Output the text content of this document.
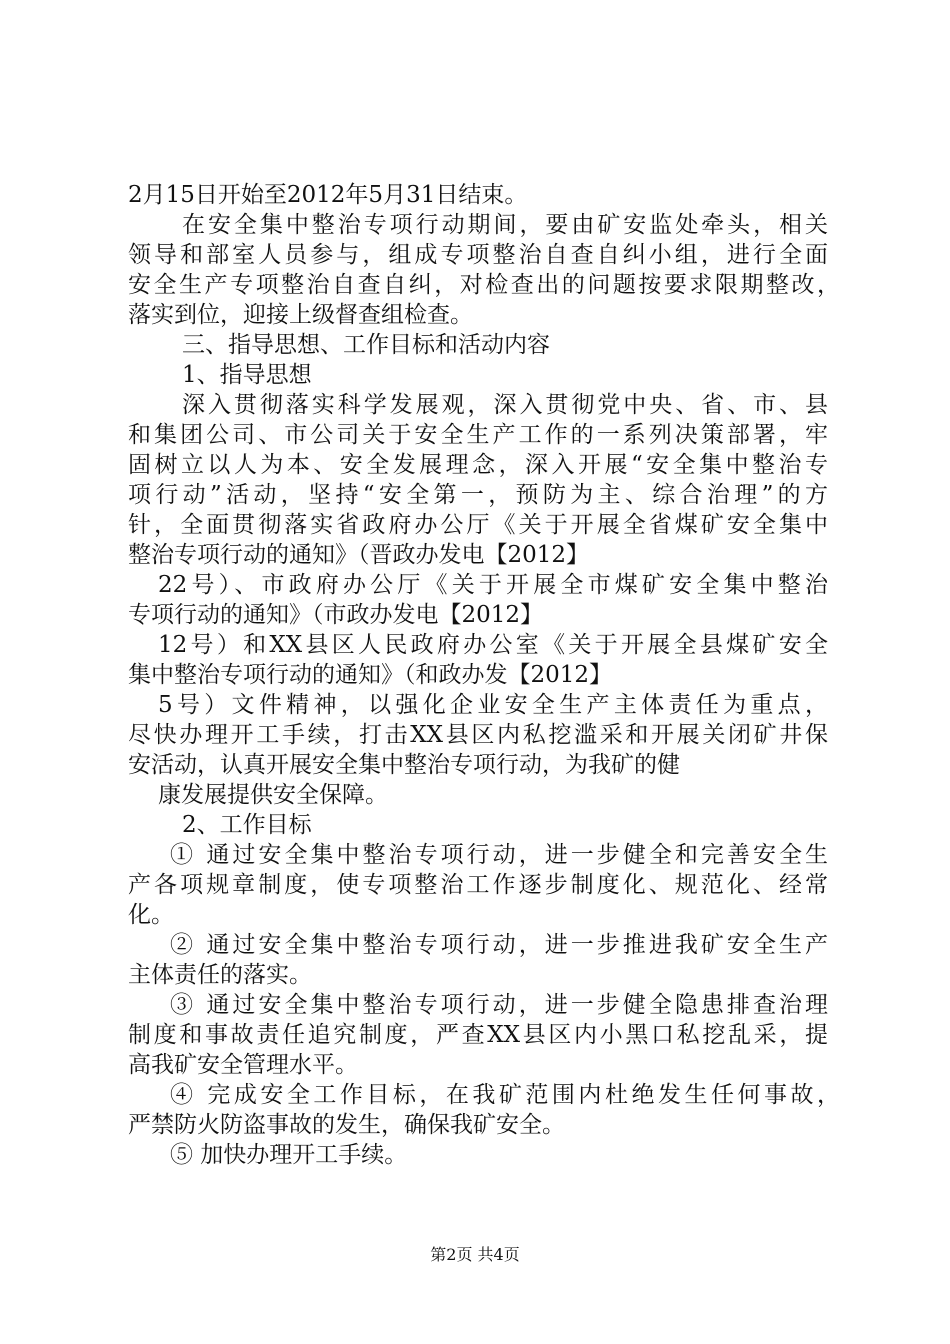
2月15日开始至2012年5月31日结束。
在安全集中整治专项行动期间，要由矿安监处牵头，相关
领导和部室人员参与，组成专项整治自查自纠小组，进行全面
安全生产专项整治自查自纠，对检查出的问题按要求限期整改，
落实到位，迎接上级督查组检查。
三、指导思想、工作目标和活动内容
1、指导思想
深入贯彻落实科学发展观，深入贯彻党中央、省、市、县
和集团公司、市公司关于安全生产工作的一系列决策部署，牢
固树立以人为本、安全发展理念，深入开展“安全集中整治专
项行动”活动，坚持“安全第一，预防为主、综合治理”的方
针，全面贯彻落实省政府办公厅《关于开展全省煤矿安全集中
整治专项行动的通知》（晋政办发电【2012】
22号）、市政府办公厅《关于开展全市煤矿安全集中整治
专项行动的通知》（市政办发电【2012】
12号）和XX县区人民政府办公室《关于开展全县煤矿安全
集中整治专项行动的通知》（和政办发【2012】
5号）文件精神，以强化企业安全生产主体责任为重点，
尽快办理开工手续，打击XX县区内私挖滥采和开展关闭矿井保
安活动，认真开展安全集中整治专项行动，为我矿的健
康发展提供安全保障。
2、工作目标
① 通过安全集中整治专项行动，进一步健全和完善安全生
产各项规章制度，使专项整治工作逐步制度化、规范化、经常
化。
② 通过安全集中整治专项行动，进一步推进我矿安全生产
主体责任的落实。
③ 通过安全集中整治专项行动，进一步健全隐患排查治理
制度和事故责任追究制度，严查XX县区内小黑口私挖乱采，提
高我矿安全管理水平。
④ 完成安全工作目标，在我矿范围内杜绝发生任何事故，
严禁防火防盗事故的发生，确保我矿安全。
⑤ 加快办理开工手续。
第2页 共4页
